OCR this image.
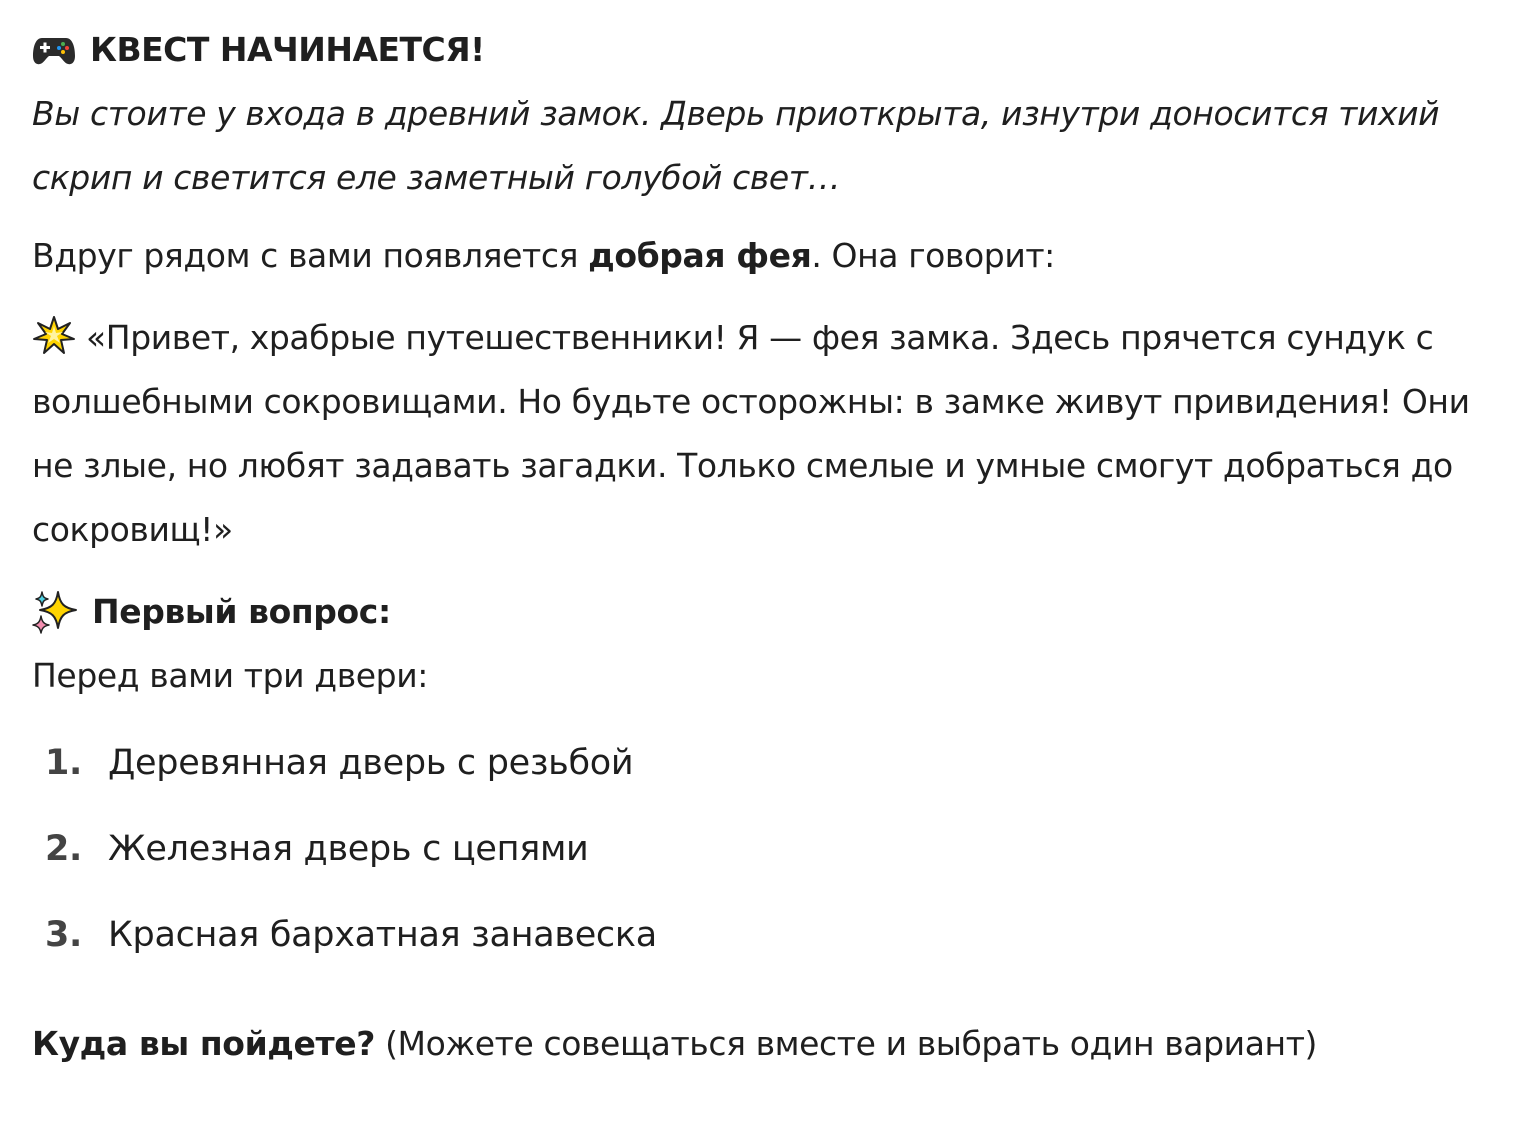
КВЕСТ НАЧИНАЕТСЯ!

Вы стоите у входа в древний замок. Дверь приоткрыта, изнутри доносится тихий скрип и светится еле заметный голубой свет…

Вдруг рядом с вами появляется добрая фея. Она говорит:

«Привет, храбрые путешественники! Я — фея замка. Здесь прячется сундук с волшебными сокровищами. Но будьте осторожны: в замке живут привидения! Они не злые, но любят задавать загадки. Только смелые и умные смогут добраться до сокровищ!»

Первый вопрос:

Перед вами три двери:

1. Деревянная дверь с резьбой
2. Железная дверь с цепями
3. Красная бархатная занавеска

Куда вы пойдете? (Можете совещаться вместе и выбрать один вариант)
